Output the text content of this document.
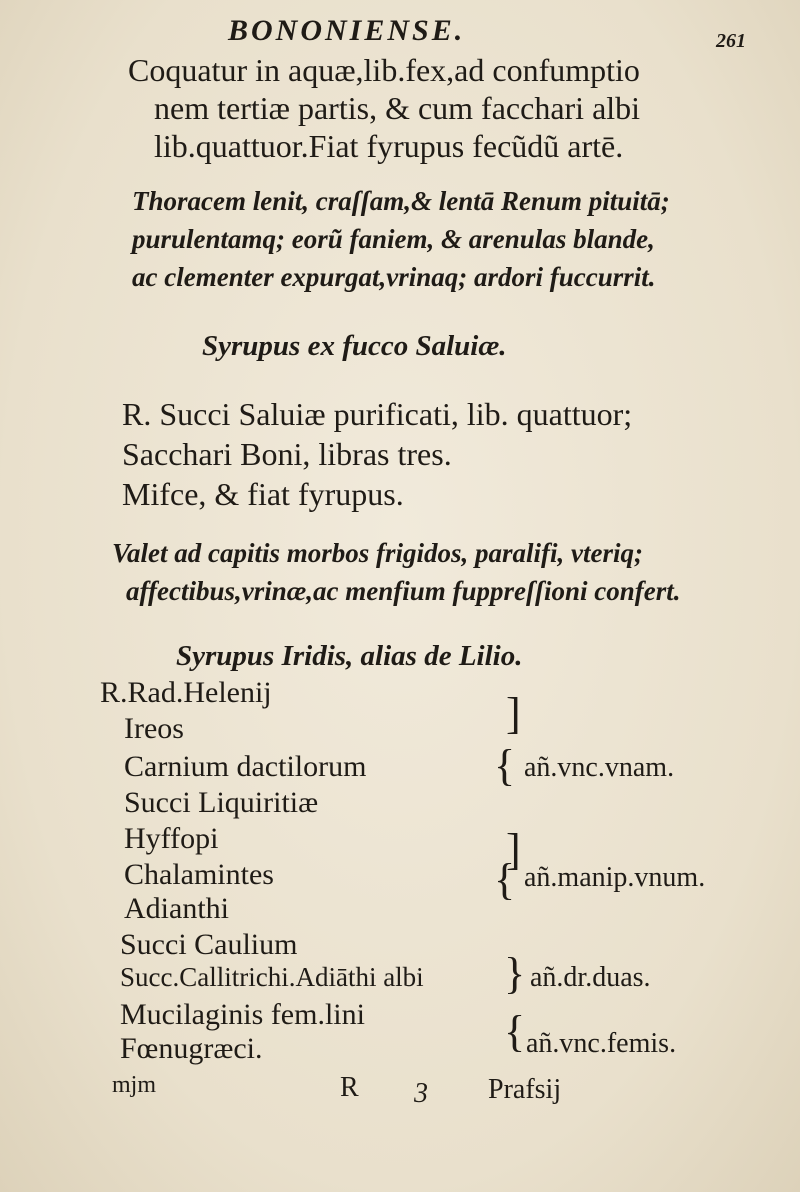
BONONIENSE.	261
Coquatur in aquæ,lib.fex,ad confumptio
nem tertiæ partis, & cum facchari albi
lib.quattuor.Fiat fyrupus fecũdũ artē.
Thoracem lenit, craſſam,& lentā Renum pituitā;
purulentamq; eorũ faniem, & arenulas blande,
ac clementer expurgat,vrinaq; ardori fuccurrit.
Syrupus ex fucco Saluiæ.
R. Succi Saluiæ purificati, lib. quattuor;
Sacchari Boni, libras tres.
Mifce, & fiat fyrupus.
Valet ad capitis morbos frigidos, paralifi, vteriq;
affectibus,vrinæ,ac menfium fuppreſſioni confert.
Syrupus Iridis, alias de Lilio.
R.Rad.Helenij
Ireos
Carnium dactilorum
Succi Liquiritiæ
Hyffopi
Chalamintes
Adianthi
Succi Caulium
Succ.Callitrichi.Adiāthi albi
Mucilaginis fem.lini
Fœnugræci.
]
{
]
{
}
{
añ.vnc.vnam.
añ.manip.vnum.
añ.dr.duas.
añ.vnc.femis.
mjm	R 3 Prafsij
